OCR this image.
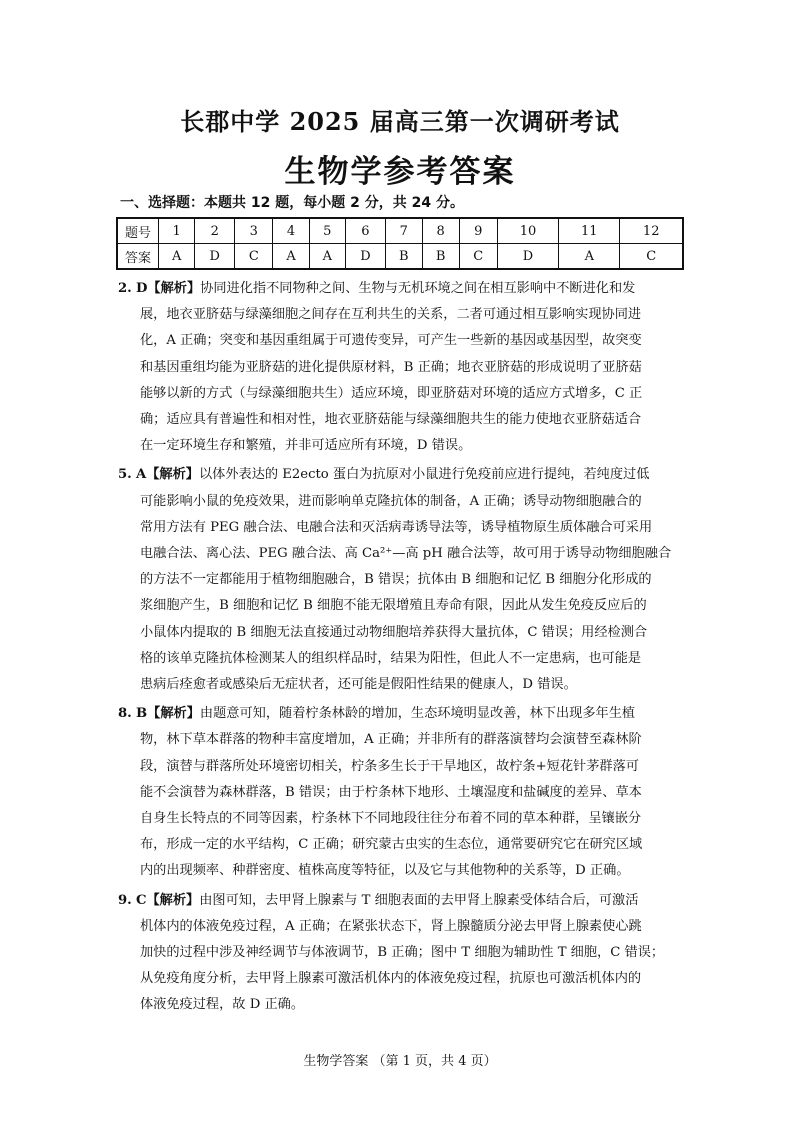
长郡中学 2025 届高三第一次调研考试
生物学参考答案
一、选择题：本题共 12 题，每小题 2 分，共 24 分。
题号	1	2	3	4	5	6	7	8	9	10	11	12
答案	A	D	C	A	A	D	B	B	C	D	A	C

2. D【解析】协同进化指不同物种之间、生物与无机环境之间在相互影响中不断进化和发

展，地衣亚脐菇与绿藻细胞之间存在互利共生的关系，二者可通过相互影响实现协同进

化，A 正确；突变和基因重组属于可遗传变异，可产生一些新的基因或基因型，故突变

和基因重组均能为亚脐菇的进化提供原材料，B 正确；地衣亚脐菇的形成说明了亚脐菇

能够以新的方式（与绿藻细胞共生）适应环境，即亚脐菇对环境的适应方式增多，C 正

确；适应具有普遍性和相对性，地衣亚脐菇能与绿藻细胞共生的能力使地衣亚脐菇适合

在一定环境生存和繁殖，并非可适应所有环境，D 错误。

5. A【解析】以体外表达的 E2ecto 蛋白为抗原对小鼠进行免疫前应进行提纯，若纯度过低

可能影响小鼠的免疫效果，进而影响单克隆抗体的制备，A 正确；诱导动物细胞融合的

常用方法有 PEG 融合法、电融合法和灭活病毒诱导法等，诱导植物原生质体融合可采用

电融合法、离心法、PEG 融合法、高 Ca²⁺—高 pH 融合法等，故可用于诱导动物细胞融合

的方法不一定都能用于植物细胞融合，B 错误；抗体由 B 细胞和记忆 B 细胞分化形成的

浆细胞产生，B 细胞和记忆 B 细胞不能无限增殖且寿命有限，因此从发生免疫反应后的

小鼠体内提取的 B 细胞无法直接通过动物细胞培养获得大量抗体，C 错误；用经检测合

格的该单克隆抗体检测某人的组织样品时，结果为阳性，但此人不一定患病，也可能是

患病后痊愈者或感染后无症状者，还可能是假阳性结果的健康人，D 错误。

8. B【解析】由题意可知，随着柠条林龄的增加，生态环境明显改善，林下出现多年生植

物，林下草本群落的物种丰富度增加，A 正确；并非所有的群落演替均会演替至森林阶

段，演替与群落所处环境密切相关，柠条多生长于干旱地区，故柠条+短花针茅群落可

能不会演替为森林群落，B 错误；由于柠条林下地形、土壤湿度和盐碱度的差异、草本

自身生长特点的不同等因素，柠条林下不同地段往往分布着不同的草本种群，呈镶嵌分

布，形成一定的水平结构，C 正确；研究蒙古虫实的生态位，通常要研究它在研究区域

内的出现频率、种群密度、植株高度等特征，以及它与其他物种的关系等，D 正确。

9. C【解析】由图可知，去甲肾上腺素与 T 细胞表面的去甲肾上腺素受体结合后，可激活

机体内的体液免疫过程，A 正确；在紧张状态下，肾上腺髓质分泌去甲肾上腺素使心跳

加快的过程中涉及神经调节与体液调节，B 正确；图中 T 细胞为辅助性 T 细胞，C 错误；

从免疫角度分析，去甲肾上腺素可激活机体内的体液免疫过程，抗原也可激活机体内的

体液免疫过程，故 D 正确。

生物学答案 （第 1 页，共 4 页）
